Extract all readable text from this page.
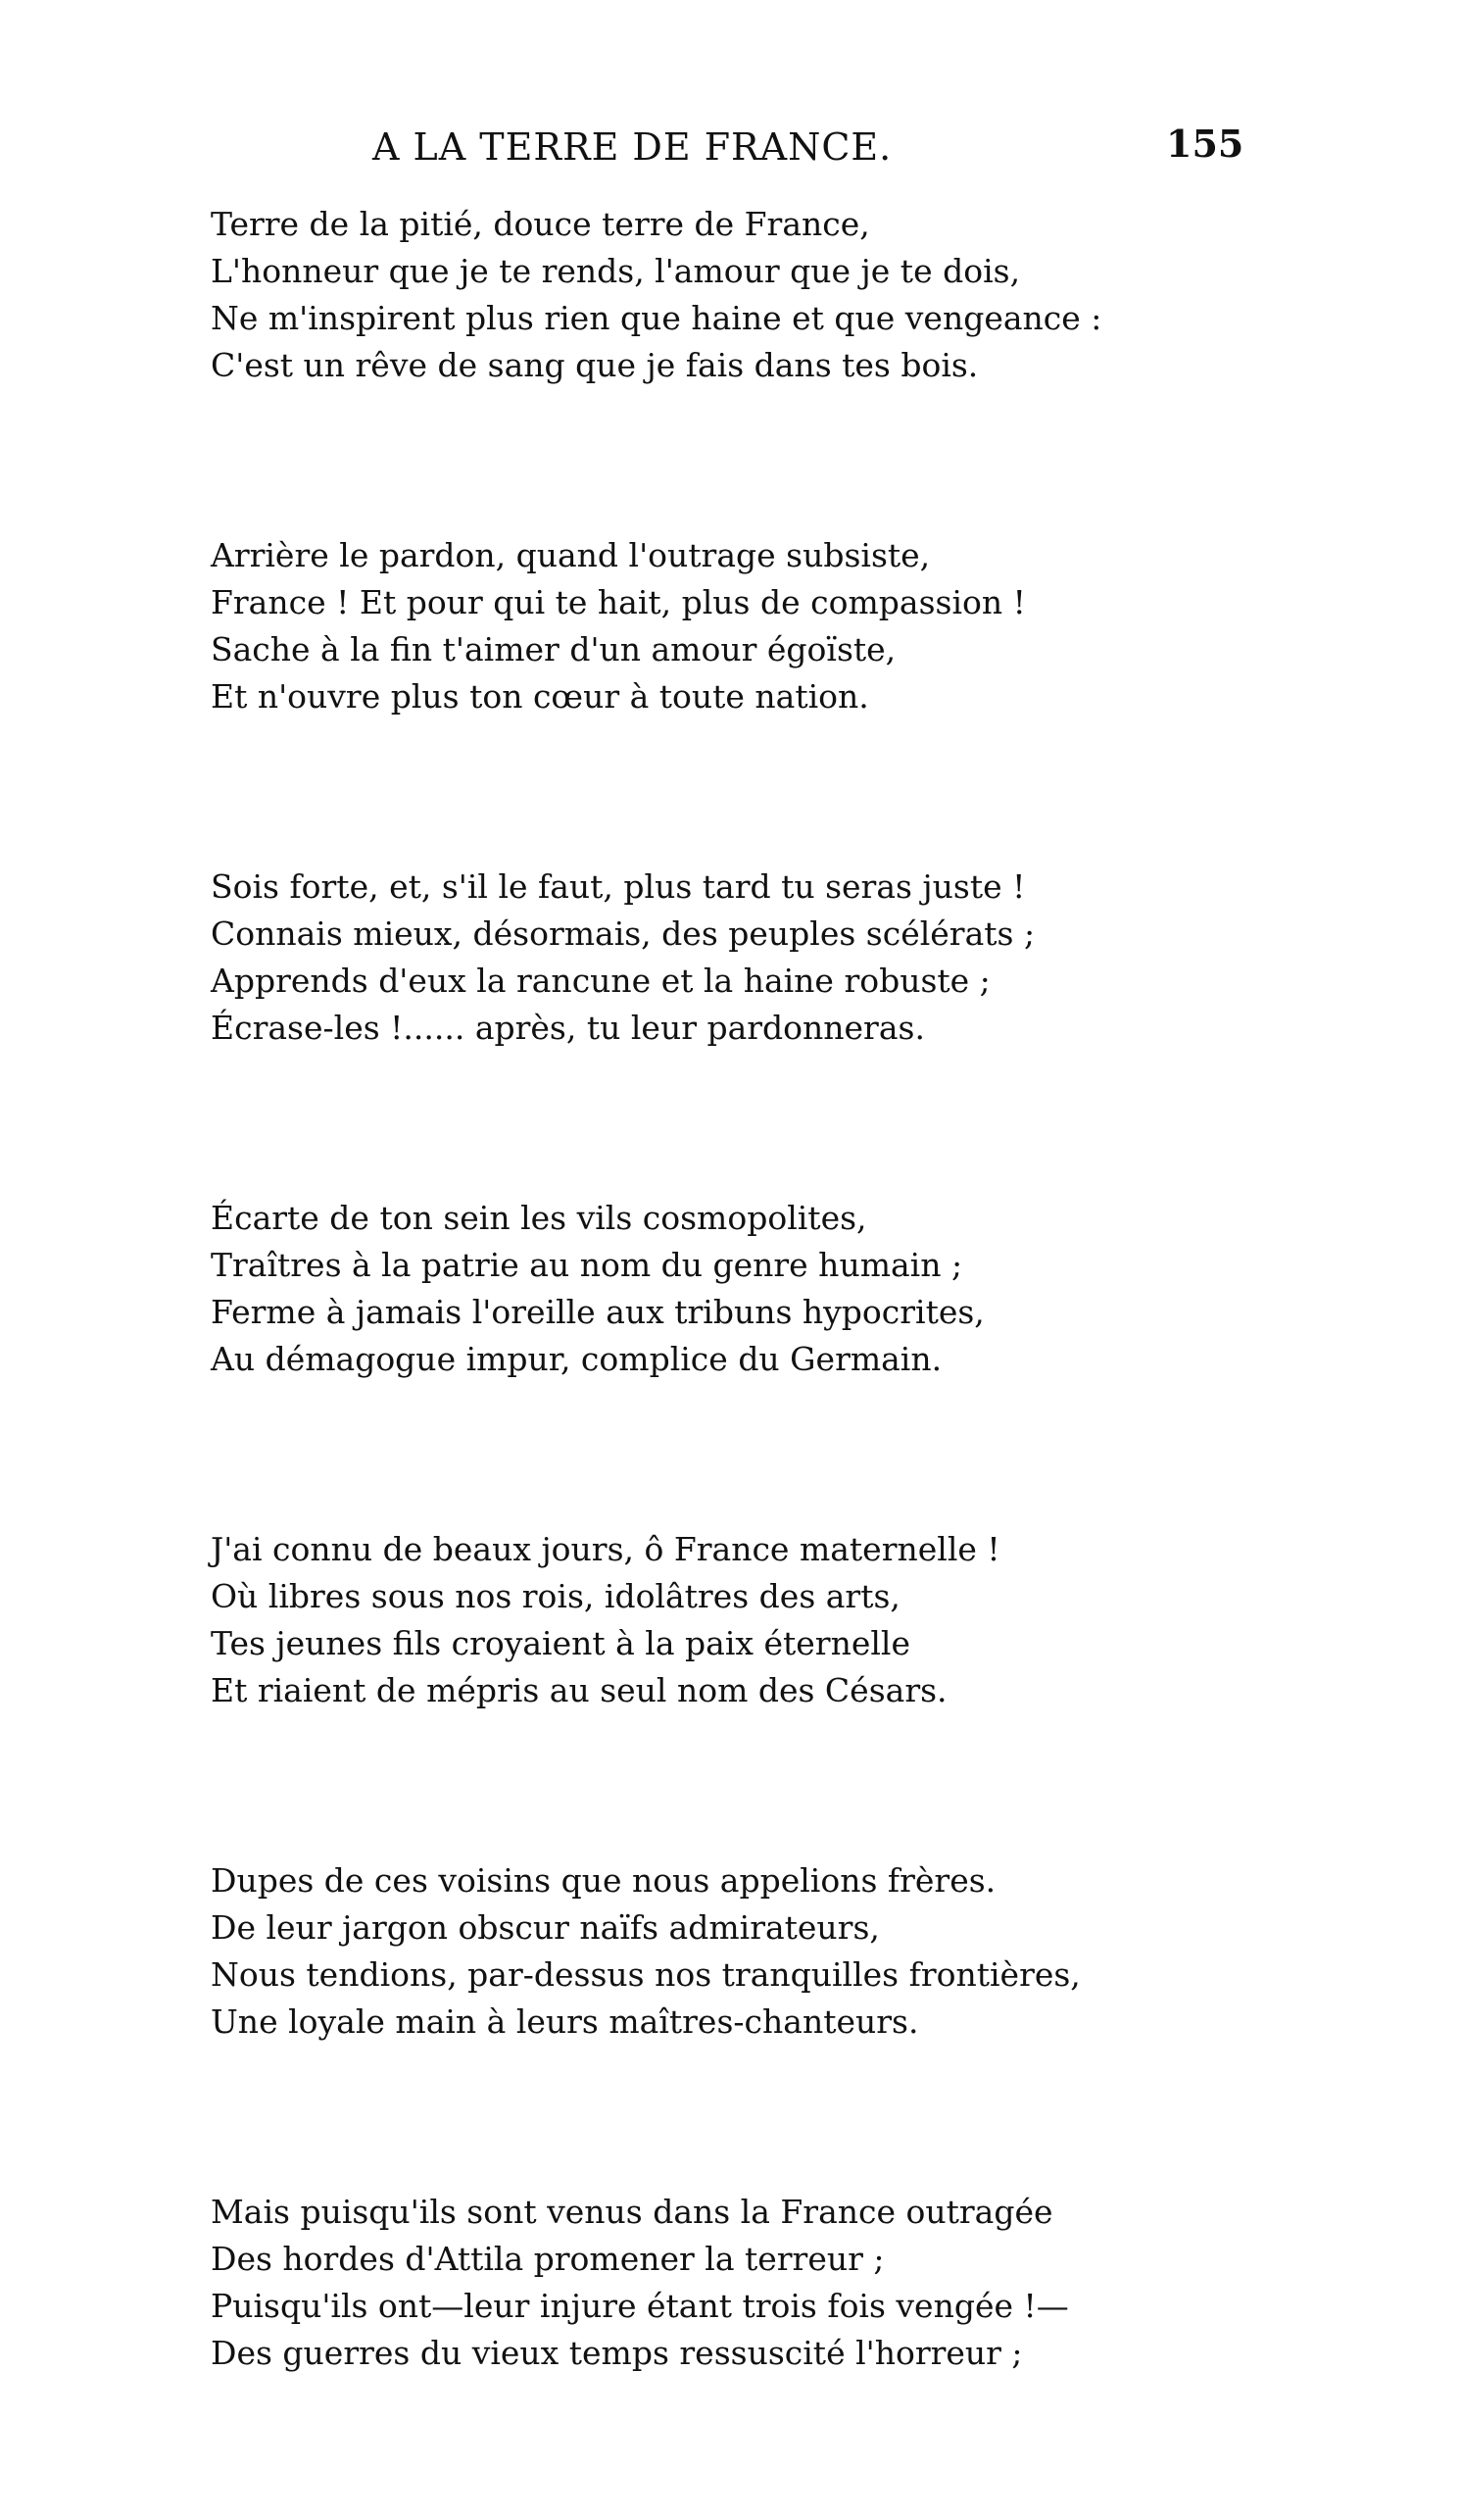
A LA TERRE DE FRANCE.	155
Terre de la pitié, douce terre de France,
L'honneur que je te rends, l'amour que je te dois,
Ne m'inspirent plus rien que haine et que vengeance :
C'est un rêve de sang que je fais dans tes bois.
Arrière le pardon, quand l'outrage subsiste,
France ! Et pour qui te hait, plus de compassion !
Sache à la fin t'aimer d'un amour égoïste,
Et n'ouvre plus ton cœur à toute nation.
Sois forte, et, s'il le faut, plus tard tu seras juste !
Connais mieux, désormais, des peuples scélérats ;
Apprends d'eux la rancune et la haine robuste ;
Écrase-les !...... après, tu leur pardonneras.
Écarte de ton sein les vils cosmopolites,
Traîtres à la patrie au nom du genre humain ;
Ferme à jamais l'oreille aux tribuns hypocrites,
Au démagogue impur, complice du Germain.
J'ai connu de beaux jours, ô France maternelle !
Où libres sous nos rois, idolâtres des arts,
Tes jeunes fils croyaient à la paix éternelle
Et riaient de mépris au seul nom des Césars.
Dupes de ces voisins que nous appelions frères.
De leur jargon obscur naïfs admirateurs,
Nous tendions, par-dessus nos tranquilles frontières,
Une loyale main à leurs maîtres-chanteurs.
Mais puisqu'ils sont venus dans la France outragée
Des hordes d'Attila promener la terreur ;
Puisqu'ils ont—leur injure étant trois fois vengée !—
Des guerres du vieux temps ressuscité l'horreur ;
